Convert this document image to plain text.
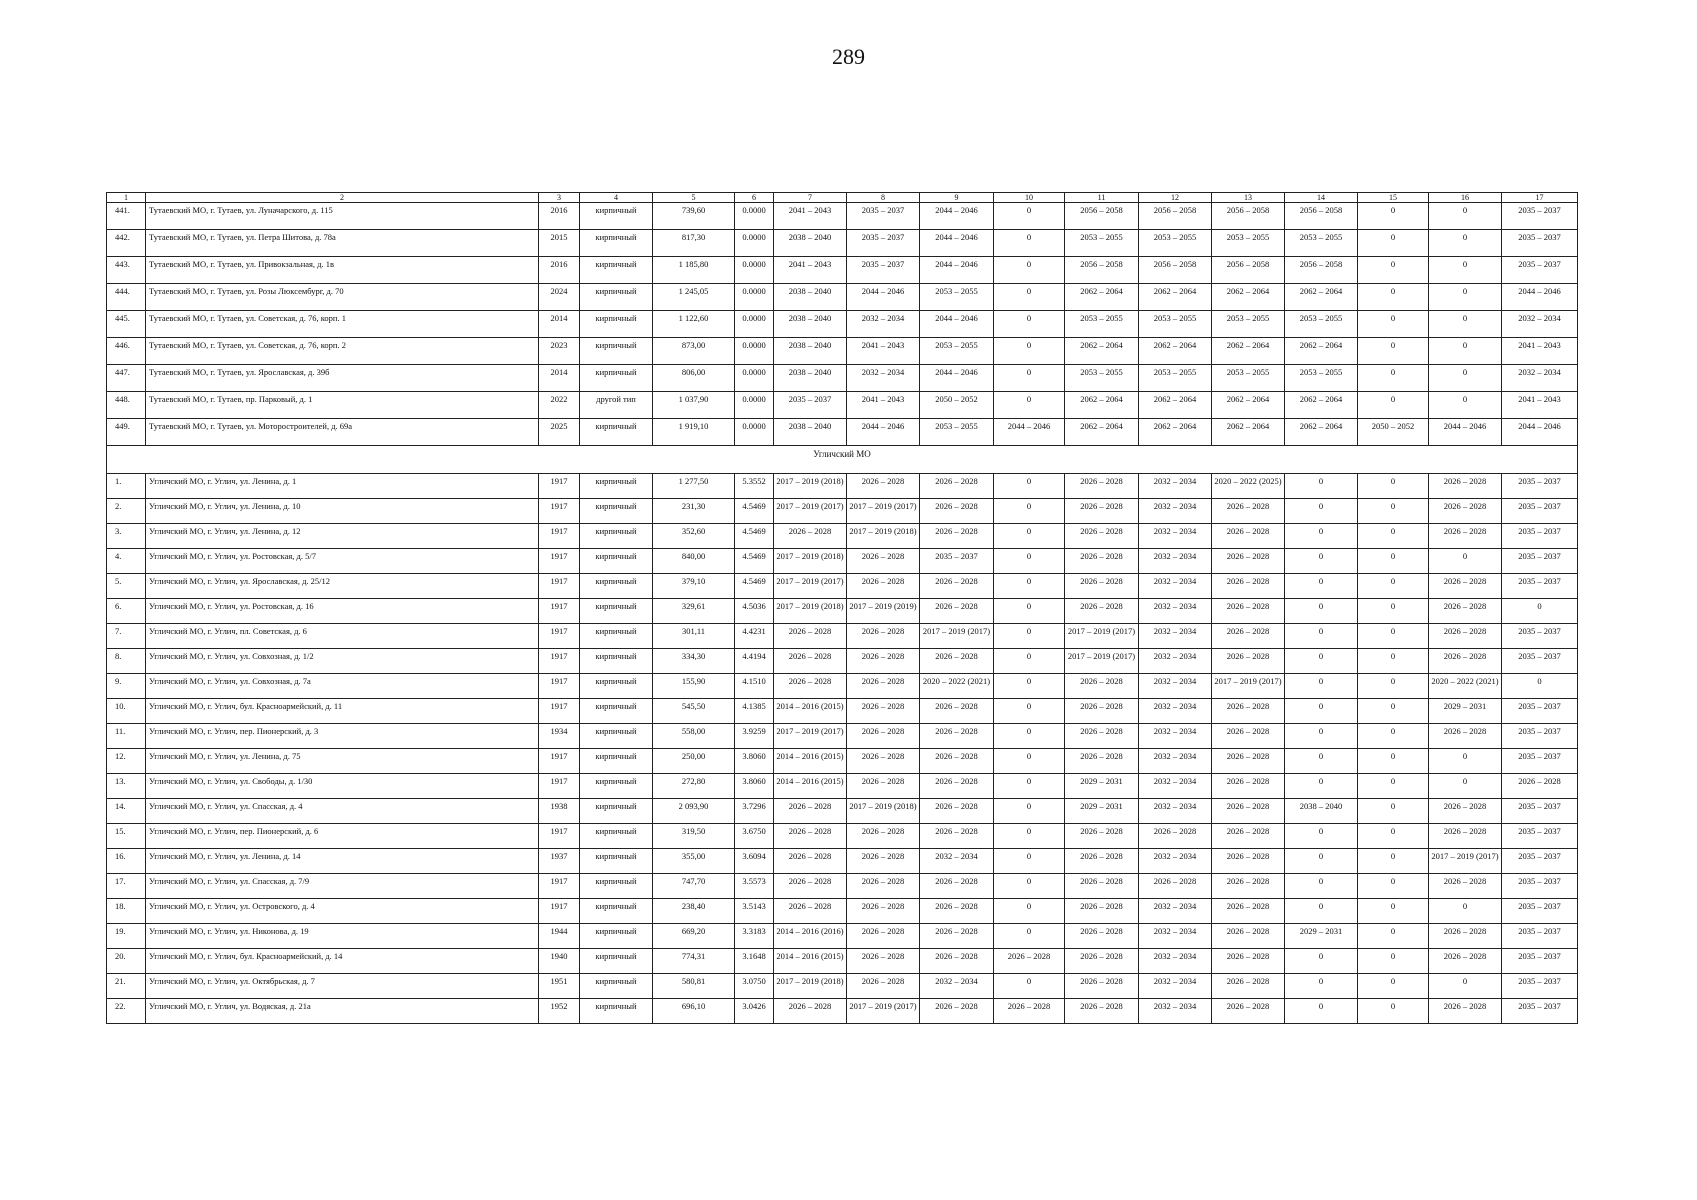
289
1	2	3	4	5	6	7	8	9	10	11	12	13	14	15	16	17
441.	Тутаевский МО, г. Тутаев, ул. Луначарского, д. 115	2016	кирпичный	739,60	0.0000	2041 – 2043	2035 – 2037	2044 – 2046	0	2056 – 2058	2056 – 2058	2056 – 2058	2056 – 2058	0	0	2035 – 2037
442.	Тутаевский МО, г. Тутаев, ул. Петра Шитова, д. 78а	2015	кирпичный	817,30	0.0000	2038 – 2040	2035 – 2037	2044 – 2046	0	2053 – 2055	2053 – 2055	2053 – 2055	2053 – 2055	0	0	2035 – 2037
443.	Тутаевский МО, г. Тутаев, ул. Привокзальная, д. 1в	2016	кирпичный	1 185,80	0.0000	2041 – 2043	2035 – 2037	2044 – 2046	0	2056 – 2058	2056 – 2058	2056 – 2058	2056 – 2058	0	0	2035 – 2037
444.	Тутаевский МО, г. Тутаев, ул. Розы Люксембург, д. 70	2024	кирпичный	1 245,05	0.0000	2038 – 2040	2044 – 2046	2053 – 2055	0	2062 – 2064	2062 – 2064	2062 – 2064	2062 – 2064	0	0	2044 – 2046
445.	Тутаевский МО, г. Тутаев, ул. Советская, д. 76, корп. 1	2014	кирпичный	1 122,60	0.0000	2038 – 2040	2032 – 2034	2044 – 2046	0	2053 – 2055	2053 – 2055	2053 – 2055	2053 – 2055	0	0	2032 – 2034
446.	Тутаевский МО, г. Тутаев, ул. Советская, д. 76, корп. 2	2023	кирпичный	873,00	0.0000	2038 – 2040	2041 – 2043	2053 – 2055	0	2062 – 2064	2062 – 2064	2062 – 2064	2062 – 2064	0	0	2041 – 2043
447.	Тутаевский МО, г. Тутаев, ул. Ярославская, д. 39б	2014	кирпичный	806,00	0.0000	2038 – 2040	2032 – 2034	2044 – 2046	0	2053 – 2055	2053 – 2055	2053 – 2055	2053 – 2055	0	0	2032 – 2034
448.	Тутаевский МО, г. Тутаев, пр. Парковый, д. 1	2022	другой тип	1 037,90	0.0000	2035 – 2037	2041 – 2043	2050 – 2052	0	2062 – 2064	2062 – 2064	2062 – 2064	2062 – 2064	0	0	2041 – 2043
449.	Тутаевский МО, г. Тутаев, ул. Моторостроителей, д. 69а	2025	кирпичный	1 919,10	0.0000	2038 – 2040	2044 – 2046	2053 – 2055	2044 – 2046	2062 – 2064	2062 – 2064	2062 – 2064	2062 – 2064	2050 – 2052	2044 – 2046	2044 – 2046
Угличский МО																
1.	Угличский МО, г. Углич, ул. Ленина, д. 1	1917	кирпичный	1 277,50	5.3552	2017 – 2019 (2018)	2026 – 2028	2026 – 2028	0	2026 – 2028	2032 – 2034	2020 – 2022 (2025)	0	0	2026 – 2028	2035 – 2037
2.	Угличский МО, г. Углич, ул. Ленина, д. 10	1917	кирпичный	231,30	4.5469	2017 – 2019 (2017)	2017 – 2019 (2017)	2026 – 2028	0	2026 – 2028	2032 – 2034	2026 – 2028	0	0	2026 – 2028	2035 – 2037
3.	Угличский МО, г. Углич, ул. Ленина, д. 12	1917	кирпичный	352,60	4.5469	2026 – 2028	2017 – 2019 (2018)	2026 – 2028	0	2026 – 2028	2032 – 2034	2026 – 2028	0	0	2026 – 2028	2035 – 2037
4.	Угличский МО, г. Углич, ул. Ростовская, д. 5/7	1917	кирпичный	840,00	4.5469	2017 – 2019 (2018)	2026 – 2028	2035 – 2037	0	2026 – 2028	2032 – 2034	2026 – 2028	0	0	0	2035 – 2037
5.	Угличский МО, г. Углич, ул. Ярославская, д. 25/12	1917	кирпичный	379,10	4.5469	2017 – 2019 (2017)	2026 – 2028	2026 – 2028	0	2026 – 2028	2032 – 2034	2026 – 2028	0	0	2026 – 2028	2035 – 2037
6.	Угличский МО, г. Углич, ул. Ростовская, д. 16	1917	кирпичный	329,61	4.5036	2017 – 2019 (2018)	2017 – 2019 (2019)	2026 – 2028	0	2026 – 2028	2032 – 2034	2026 – 2028	0	0	2026 – 2028	0
7.	Угличский МО, г. Углич, пл. Советская, д. 6	1917	кирпичный	301,11	4.4231	2026 – 2028	2026 – 2028	2017 – 2019 (2017)	0	2017 – 2019 (2017)	2032 – 2034	2026 – 2028	0	0	2026 – 2028	2035 – 2037
8.	Угличский МО, г. Углич, ул. Совхозная, д. 1/2	1917	кирпичный	334,30	4.4194	2026 – 2028	2026 – 2028	2026 – 2028	0	2017 – 2019 (2017)	2032 – 2034	2026 – 2028	0	0	2026 – 2028	2035 – 2037
9.	Угличский МО, г. Углич, ул. Совхозная, д. 7а	1917	кирпичный	155,90	4.1510	2026 – 2028	2026 – 2028	2020 – 2022 (2021)	0	2026 – 2028	2032 – 2034	2017 – 2019 (2017)	0	0	2020 – 2022 (2021)	0
10.	Угличский МО, г. Углич, бул. Красноармейский, д. 11	1917	кирпичный	545,50	4.1385	2014 – 2016 (2015)	2026 – 2028	2026 – 2028	0	2026 – 2028	2032 – 2034	2026 – 2028	0	0	2029 – 2031	2035 – 2037
11.	Угличский МО, г. Углич, пер. Пионерский, д. 3	1934	кирпичный	558,00	3.9259	2017 – 2019 (2017)	2026 – 2028	2026 – 2028	0	2026 – 2028	2032 – 2034	2026 – 2028	0	0	2026 – 2028	2035 – 2037
12.	Угличский МО, г. Углич, ул. Ленина, д. 75	1917	кирпичный	250,00	3.8060	2014 – 2016 (2015)	2026 – 2028	2026 – 2028	0	2026 – 2028	2032 – 2034	2026 – 2028	0	0	0	2035 – 2037
13.	Угличский МО, г. Углич, ул. Свободы, д. 1/30	1917	кирпичный	272,80	3.8060	2014 – 2016 (2015)	2026 – 2028	2026 – 2028	0	2029 – 2031	2032 – 2034	2026 – 2028	0	0	0	2026 – 2028
14.	Угличский МО, г. Углич, ул. Спасская, д. 4	1938	кирпичный	2 093,90	3.7296	2026 – 2028	2017 – 2019 (2018)	2026 – 2028	0	2029 – 2031	2032 – 2034	2026 – 2028	2038 – 2040	0	2026 – 2028	2035 – 2037
15.	Угличский МО, г. Углич, пер. Пионерский, д. 6	1917	кирпичный	319,50	3.6750	2026 – 2028	2026 – 2028	2026 – 2028	0	2026 – 2028	2026 – 2028	2026 – 2028	0	0	2026 – 2028	2035 – 2037
16.	Угличский МО, г. Углич, ул. Ленина, д. 14	1937	кирпичный	355,00	3.6094	2026 – 2028	2026 – 2028	2032 – 2034	0	2026 – 2028	2032 – 2034	2026 – 2028	0	0	2017 – 2019 (2017)	2035 – 2037
17.	Угличский МО, г. Углич, ул. Спасская, д. 7/9	1917	кирпичный	747,70	3.5573	2026 – 2028	2026 – 2028	2026 – 2028	0	2026 – 2028	2026 – 2028	2026 – 2028	0	0	2026 – 2028	2035 – 2037
18.	Угличский МО, г. Углич, ул. Островского, д. 4	1917	кирпичный	238,40	3.5143	2026 – 2028	2026 – 2028	2026 – 2028	0	2026 – 2028	2032 – 2034	2026 – 2028	0	0	0	2035 – 2037
19.	Угличский МО, г. Углич, ул. Никонова, д. 19	1944	кирпичный	669,20	3.3183	2014 – 2016 (2016)	2026 – 2028	2026 – 2028	0	2026 – 2028	2032 – 2034	2026 – 2028	2029 – 2031	0	2026 – 2028	2035 – 2037
20.	Угличский МО, г. Углич, бул. Красноармейский, д. 14	1940	кирпичный	774,31	3.1648	2014 – 2016 (2015)	2026 – 2028	2026 – 2028	2026 – 2028	2026 – 2028	2032 – 2034	2026 – 2028	0	0	2026 – 2028	2035 – 2037
21.	Угличский МО, г. Углич, ул. Октябрьская, д. 7	1951	кирпичный	580,81	3.0750	2017 – 2019 (2018)	2026 – 2028	2032 – 2034	0	2026 – 2028	2032 – 2034	2026 – 2028	0	0	0	2035 – 2037
22.	Угличский МО, г. Углич, ул. Водяская, д. 21а	1952	кирпичный	696,10	3.0426	2026 – 2028	2017 – 2019 (2017)	2026 – 2028	2026 – 2028	2026 – 2028	2032 – 2034	2026 – 2028	0	0	2026 – 2028	2035 – 2037
